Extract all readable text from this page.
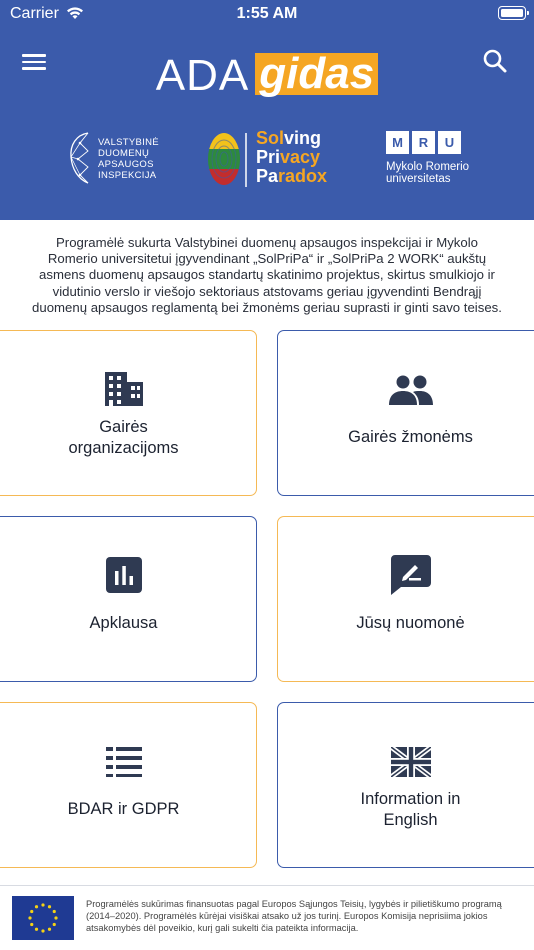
Carrier	1:55 AM
ADA gidas
VALSTYBINĖ
DUOMENŲ
APSAUGOS
INSPEKCIJA
Solving
Privacy
Paradox
M	R	U
Mykolo Romerio
universitetas

Programėlė sukurta Valstybinei duomenų apsaugos inspekcijai ir Mykolo Romerio universitetui įgyvendinant „SolPriPa“ ir „SolPriPa 2 WORK“ aukštų asmens duomenų apsaugos standartų skatinimo projektus, skirtus smulkiojo ir vidutinio verslo ir viešojo sektoriaus atstovams geriau įgyvendinti Bendrąjį duomenų apsaugos reglamentą bei žmonėms geriau suprasti ir ginti savo teises.

Gairės
organizacijoms
Gairės žmonėms
Apklausa	Jūsų nuomonė
BDAR ir GDPR
Information in
English

Programėlės sukūrimas finansuotas pagal Europos Sąjungos Teisių, lygybės ir pilietiškumo programą (2014–2020). Programėlės kūrėjai visiškai atsako už jos turinį. Europos Komisija neprisiima jokios atsakomybės dėl poveikio, kurį gali sukelti čia pateikta informacija.
